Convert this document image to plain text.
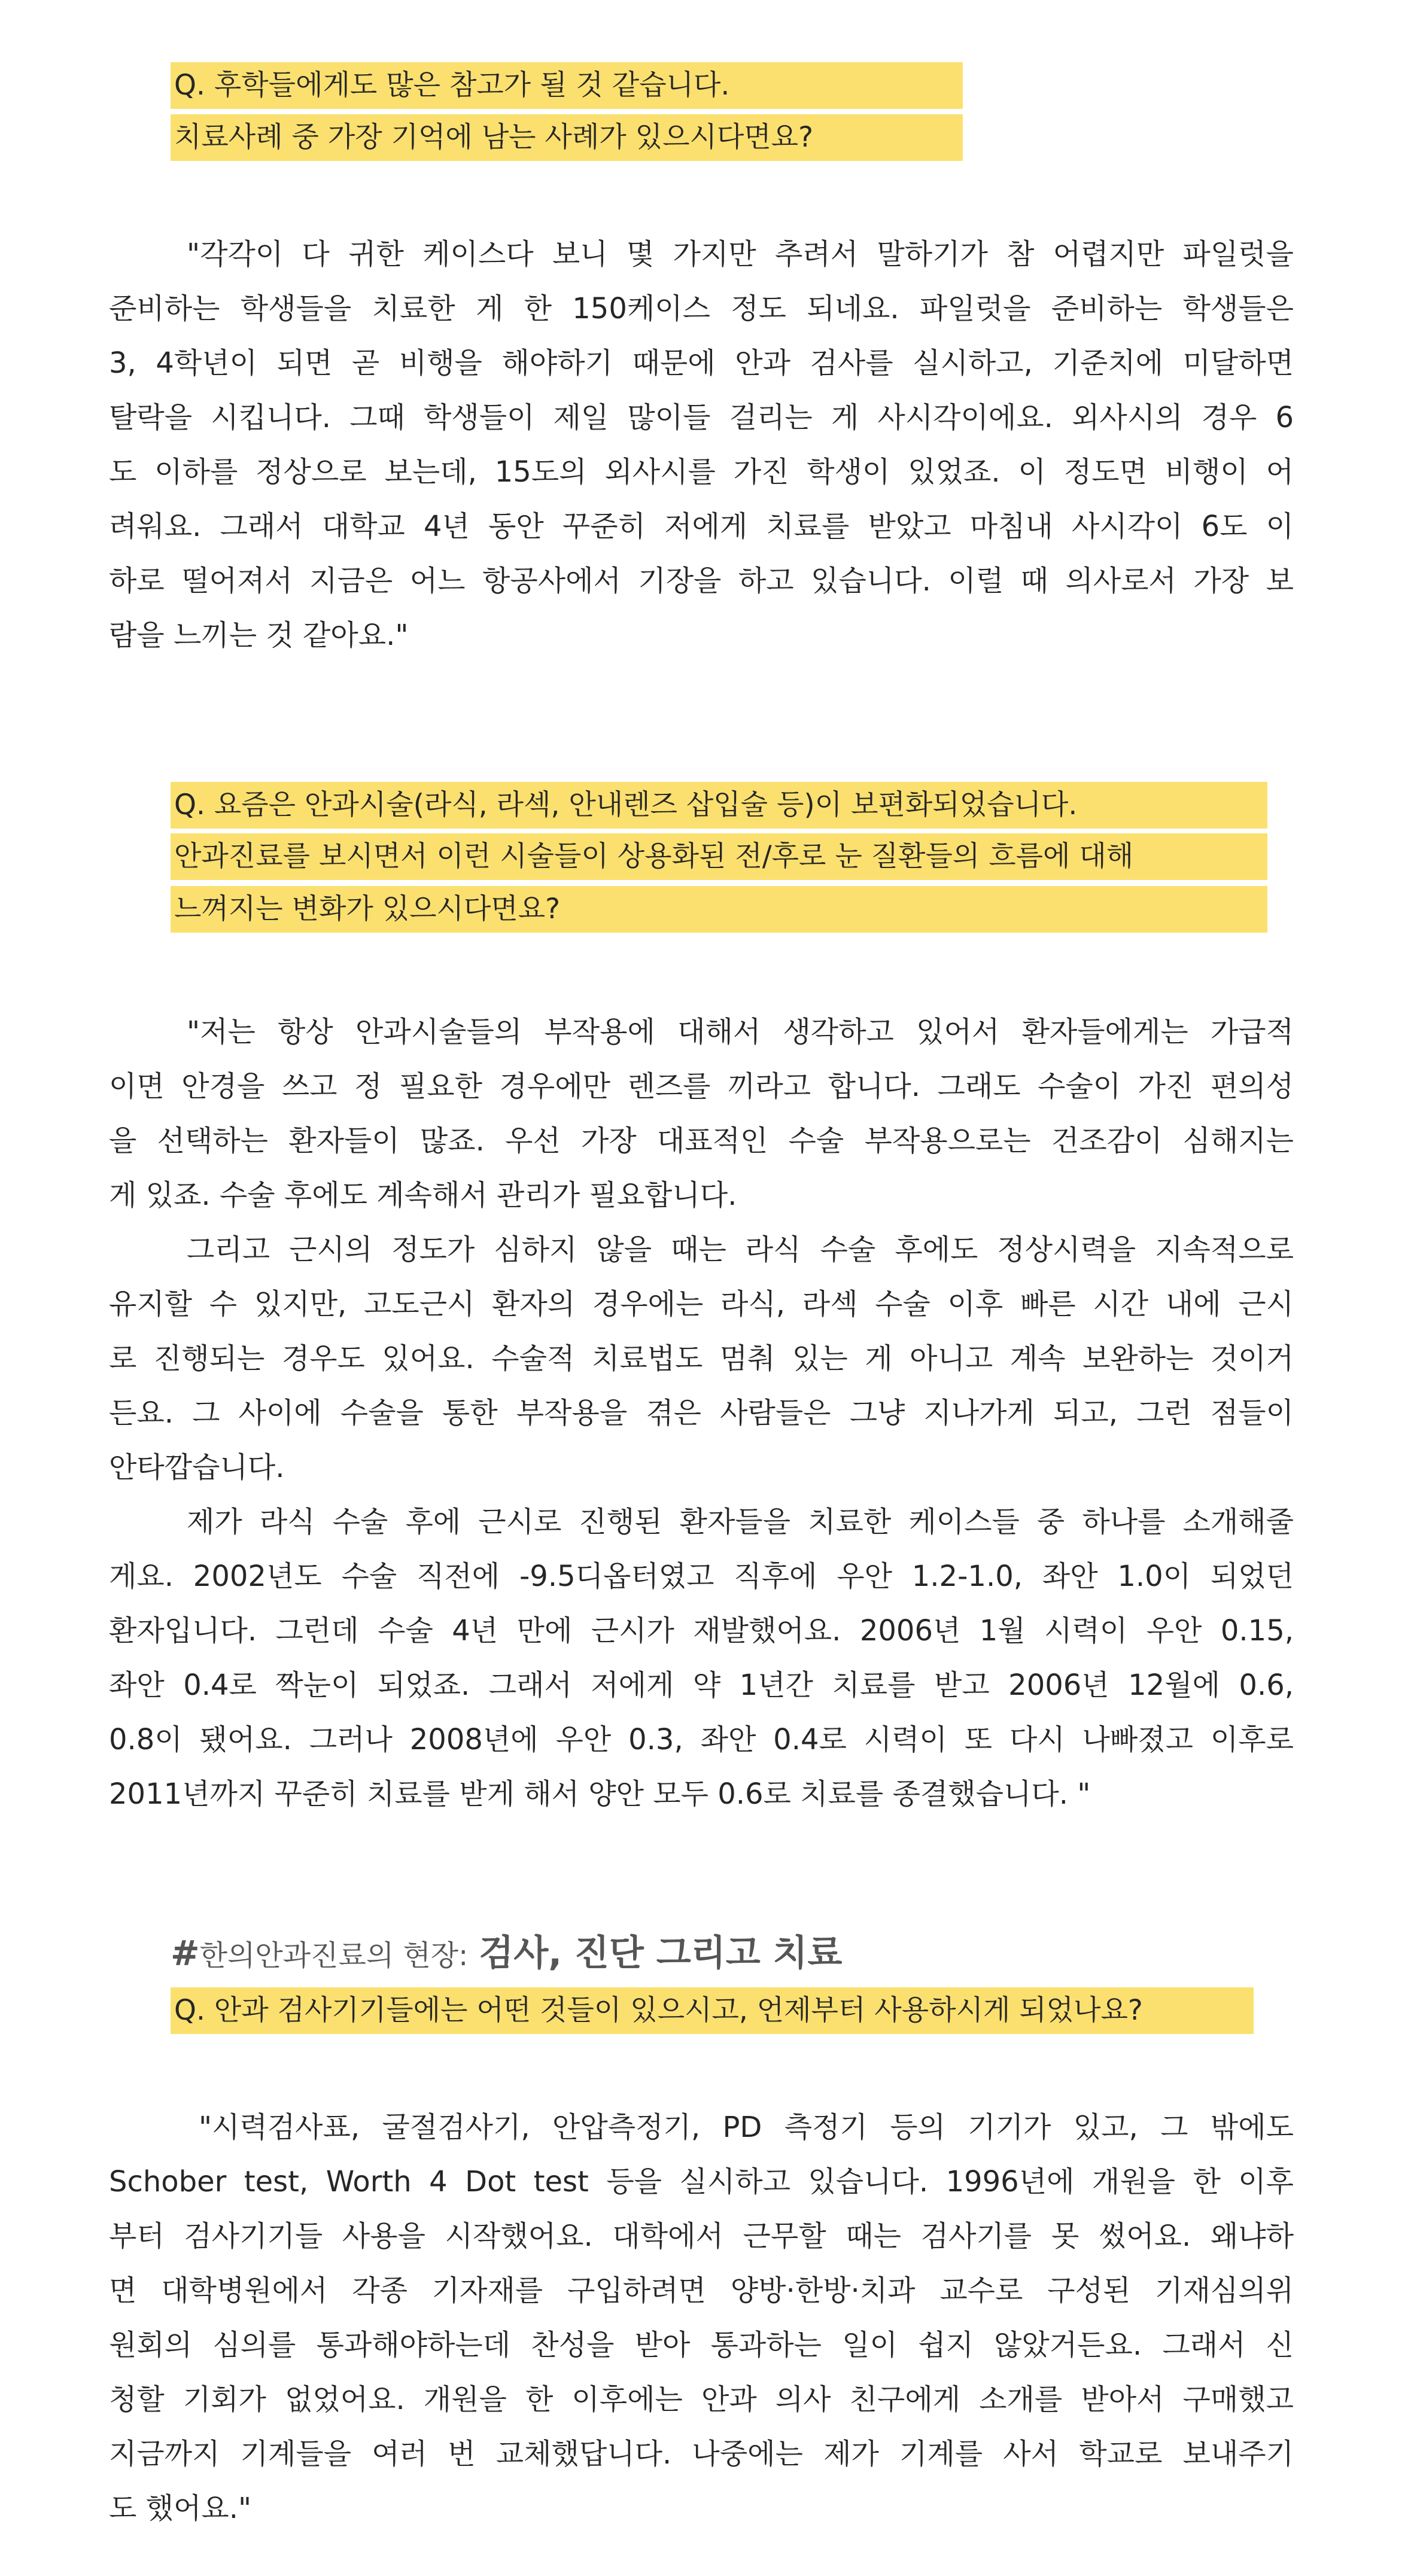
Q. 후학들에게도 많은 참고가 될 것 같습니다.
치료사례 중 가장 기억에 남는 사례가 있으시다면요?
"각각이 다 귀한 케이스다 보니 몇 가지만 추려서 말하기가 참 어렵지만 파일럿을
준비하는 학생들을 치료한 게 한 150케이스 정도 되네요. 파일럿을 준비하는 학생들은
3, 4학년이 되면 곧 비행을 해야하기 때문에 안과 검사를 실시하고, 기준치에 미달하면
탈락을 시킵니다. 그때 학생들이 제일 많이들 걸리는 게 사시각이에요. 외사시의 경우 6
도 이하를 정상으로 보는데, 15도의 외사시를 가진 학생이 있었죠. 이 정도면 비행이 어
려워요. 그래서 대학교 4년 동안 꾸준히 저에게 치료를 받았고 마침내 사시각이 6도 이
하로 떨어져서 지금은 어느 항공사에서 기장을 하고 있습니다. 이럴 때 의사로서 가장 보
람을 느끼는 것 같아요."
Q. 요즘은 안과시술(라식, 라섹, 안내렌즈 삽입술 등)이 보편화되었습니다.
안과진료를 보시면서 이런 시술들이 상용화된 전/후로 눈 질환들의 흐름에 대해
느껴지는 변화가 있으시다면요?
"저는 항상 안과시술들의 부작용에 대해서 생각하고 있어서 환자들에게는 가급적
이면 안경을 쓰고 정 필요한 경우에만 렌즈를 끼라고 합니다. 그래도 수술이 가진 편의성
을 선택하는 환자들이 많죠. 우선 가장 대표적인 수술 부작용으로는 건조감이 심해지는
게 있죠. 수술 후에도 계속해서 관리가 필요합니다.
그리고 근시의 정도가 심하지 않을 때는 라식 수술 후에도 정상시력을 지속적으로
유지할 수 있지만, 고도근시 환자의 경우에는 라식, 라섹 수술 이후 빠른 시간 내에 근시
로 진행되는 경우도 있어요. 수술적 치료법도 멈춰 있는 게 아니고 계속 보완하는 것이거
든요. 그 사이에 수술을 통한 부작용을 겪은 사람들은 그냥 지나가게 되고, 그런 점들이
안타깝습니다.
제가 라식 수술 후에 근시로 진행된 환자들을 치료한 케이스들 중 하나를 소개해줄
게요. 2002년도 수술 직전에 -9.5디옵터였고 직후에 우안 1.2-1.0, 좌안 1.0이 되었던
환자입니다. 그런데 수술 4년 만에 근시가 재발했어요. 2006년 1월 시력이 우안 0.15,
좌안 0.4로 짝눈이 되었죠. 그래서 저에게 약 1년간 치료를 받고 2006년 12월에 0.6,
0.8이 됐어요. 그러나 2008년에 우안 0.3, 좌안 0.4로 시력이 또 다시 나빠졌고 이후로
2011년까지 꾸준히 치료를 받게 해서 양안 모두 0.6로 치료를 종결했습니다. "
#한의안과진료의 현장: 검사, 진단 그리고 치료
Q. 안과 검사기기들에는 어떤 것들이 있으시고, 언제부터 사용하시게 되었나요?
"시력검사표, 굴절검사기, 안압측정기, PD 측정기 등의 기기가 있고, 그 밖에도
Schober test, Worth 4 Dot test 등을 실시하고 있습니다. 1996년에 개원을 한 이후
부터 검사기기들 사용을 시작했어요. 대학에서 근무할 때는 검사기를 못 썼어요. 왜냐하
면 대학병원에서 각종 기자재를 구입하려면 양방·한방·치과 교수로 구성된 기재심의위
원회의 심의를 통과해야하는데 찬성을 받아 통과하는 일이 쉽지 않았거든요. 그래서 신
청할 기회가 없었어요. 개원을 한 이후에는 안과 의사 친구에게 소개를 받아서 구매했고
지금까지 기계들을 여러 번 교체했답니다. 나중에는 제가 기계를 사서 학교로 보내주기
도 했어요."
